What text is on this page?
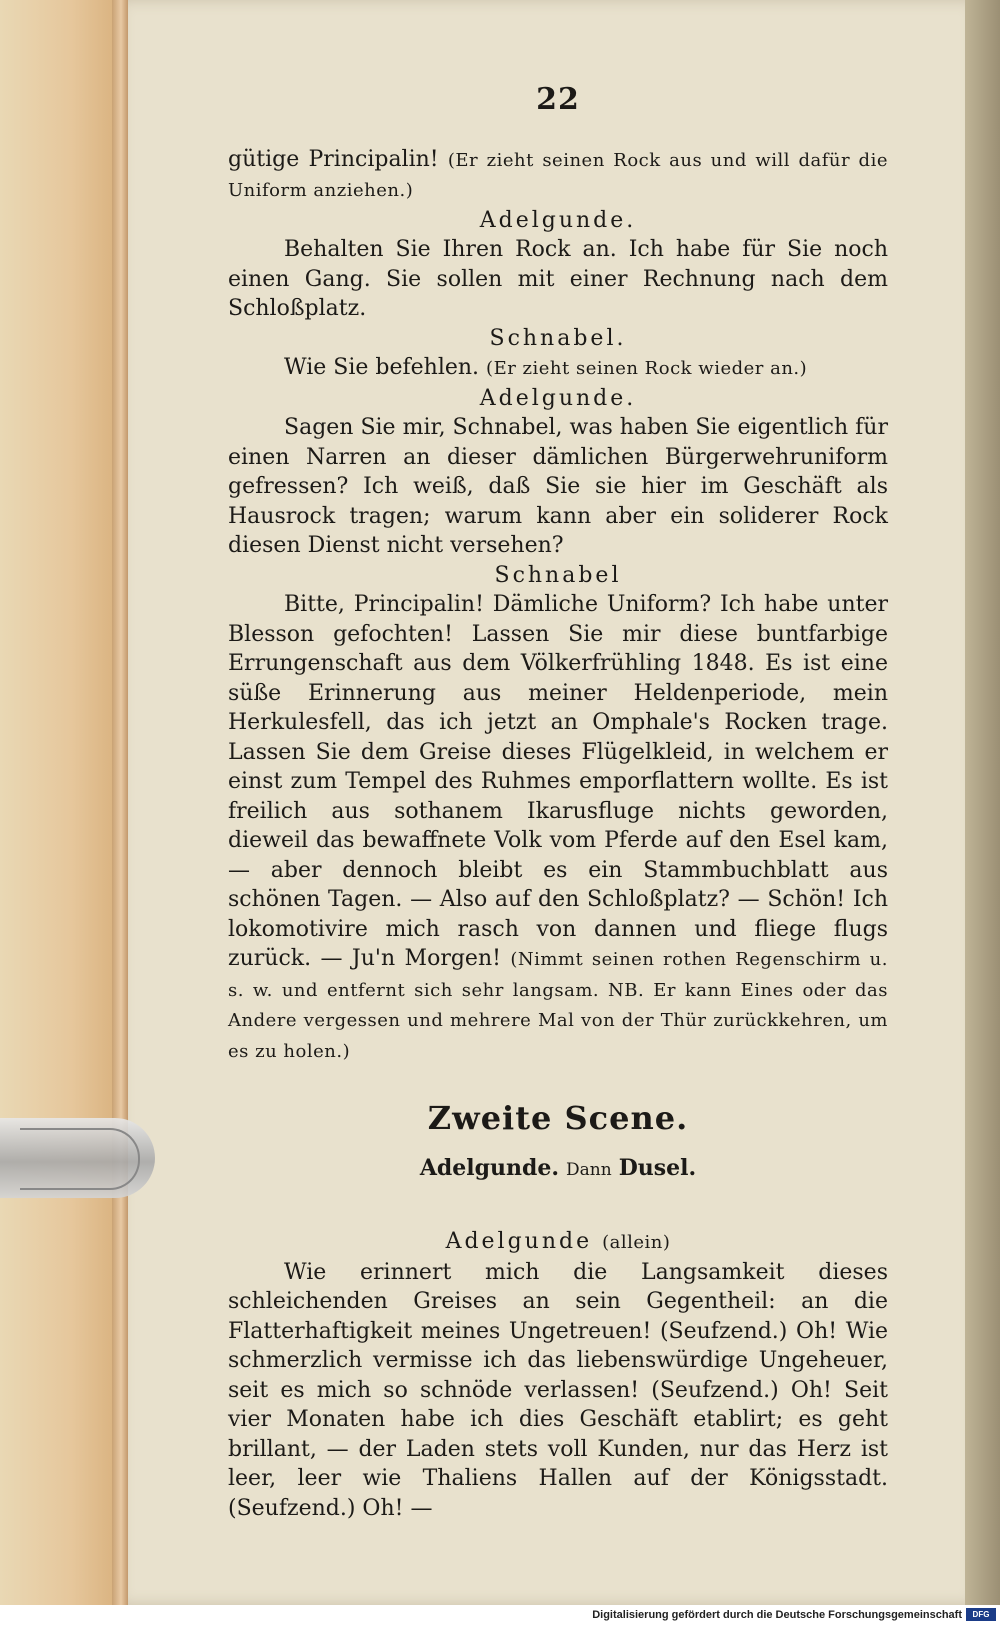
22

gütige Principalin! (Er zieht seinen Rock aus und will dafür die Uniform anziehen.)

Adelgunde.

Behalten Sie Ihren Rock an. Ich habe für Sie noch einen Gang. Sie sollen mit einer Rechnung nach dem Schloßplatz.

Schnabel.

Wie Sie befehlen. (Er zieht seinen Rock wieder an.)

Adelgunde.

Sagen Sie mir, Schnabel, was haben Sie eigentlich für einen Narren an dieser dämlichen Bürgerwehruniform gefressen? Ich weiß, daß Sie sie hier im Geschäft als Hausrock tragen; warum kann aber ein soliderer Rock diesen Dienst nicht versehen?

Schnabel

Bitte, Principalin! Dämliche Uniform? Ich habe unter Blesson gefochten! Lassen Sie mir diese buntfarbige Errungenschaft aus dem Völkerfrühling 1848. Es ist eine süße Erinnerung aus meiner Heldenperiode, mein Herkulesfell, das ich jetzt an Omphale's Rocken trage. Lassen Sie dem Greise dieses Flügelkleid, in welchem er einst zum Tempel des Ruhmes emporflattern wollte. Es ist freilich aus sothanem Ikarusfluge nichts geworden, dieweil das bewaffnete Volk vom Pferde auf den Esel kam, — aber dennoch bleibt es ein Stammbuchblatt aus schönen Tagen. — Also auf den Schloßplatz? — Schön! Ich lokomotivire mich rasch von dannen und fliege flugs zurück. — Ju'n Morgen! (Nimmt seinen rothen Regenschirm u. s. w. und entfernt sich sehr langsam. NB. Er kann Eines oder das Andere vergessen und mehrere Mal von der Thür zurückkehren, um es zu holen.)

Zweite Scene.
Adelgunde. Dann Dusel.

Adelgunde (allein)

Wie erinnert mich die Langsamkeit dieses schleichenden Greises an sein Gegentheil: an die Flatterhaftigkeit meines Ungetreuen! (Seufzend.) Oh! Wie schmerzlich vermisse ich das liebenswürdige Ungeheuer, seit es mich so schnöde verlassen! (Seufzend.) Oh! Seit vier Monaten habe ich dies Geschäft etablirt; es geht brillant, — der Laden stets voll Kunden, nur das Herz ist leer, leer wie Thaliens Hallen auf der Königsstadt. (Seufzend.) Oh! —

Digitalisierung gefördert durch die Deutsche Forschungsgemeinschaft	DFG
